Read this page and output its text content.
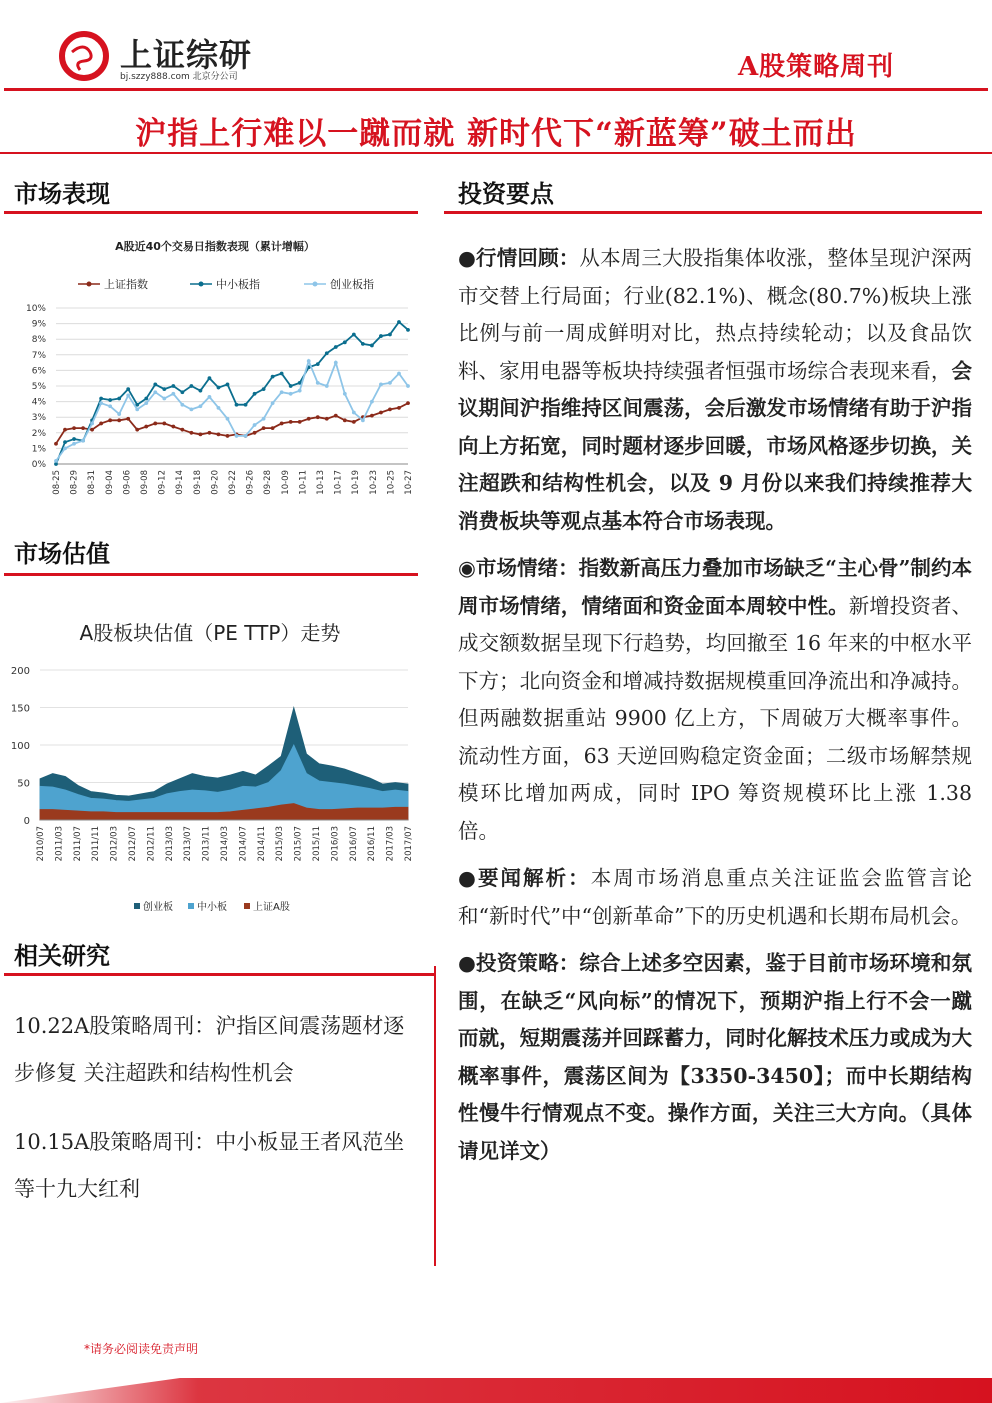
上证综研
bj.szzy888.com 北京分公司	A股策略周刊
沪指上行难以一蹴而就 新时代下“新蓝筹”破土而出
市场表现
A股近40个交易日指数表现（累计增幅）
上证指数	中小板指	创业板指
0%
1%
2%
3%
4%
5%
6%
7%
8%
9%
10%
08-25 08-29 08-31 09-04 09-06 09-08 09-12 09-14 09-18 09-20 09-22 09-26 09-28 10-09 10-11 10-13 10-17 10-19 10-23 10-25 10-27
市场估值
A股板块估值（PE TTP）走势
0
50
100
150
200
2010/07 2011/03 2011/07 2011/11 2012/03 2012/07 2012/11 2013/03 2013/07 2013/11 2014/03 2014/07 2014/11 2015/03 2015/07 2015/11 2016/03 2016/07 2016/11 2017/03 2017/07
创业板 中小板	上证A股
相关研究
10.22A股策略周刊：沪指区间震荡题材逐步修复 关注超跌和结构性机会
10.15A股策略周刊：中小板显王者风范坐等十九大红利
投资要点

●行情回顾：从本周三大股指集体收涨，整体呈现沪深两市交替上行局面；行业(82.1%)、概念(80.7%)板块上涨比例与前一周成鲜明对比，热点持续轮动；以及食品饮料、家用电器等板块持续强者恒强市场综合表现来看，会议期间沪指维持区间震荡，会后激发市场情绪有助于沪指向上方拓宽，同时题材逐步回暖，市场风格逐步切换，关注超跌和结构性机会，以及 9 月份以来我们持续推荐大消费板块等观点基本符合市场表现。

◉市场情绪：指数新高压力叠加市场缺乏“主心骨”制约本周市场情绪，情绪面和资金面本周较中性。新增投资者、成交额数据呈现下行趋势，均回撤至 16 年来的中枢水平下方；北向资金和增减持数据规模重回净流出和净减持。但两融数据重站 9900 亿上方，下周破万大概率事件。流动性方面，63 天逆回购稳定资金面；二级市场解禁规模环比增加两成，同时 IPO 筹资规模环比上涨 1.38 倍。

●要闻解析：本周市场消息重点关注证监会监管言论和“新时代”中“创新革命”下的历史机遇和长期布局机会。

●投资策略：综合上述多空因素，鉴于目前市场环境和氛围，在缺乏“风向标”的情况下，预期沪指上行不会一蹴而就，短期震荡并回踩蓄力，同时化解技术压力或成为大概率事件，震荡区间为【3350-3450】；而中长期结构性慢牛行情观点不变。操作方面，关注三大方向。（具体请见详文）

*请务必阅读免责声明
